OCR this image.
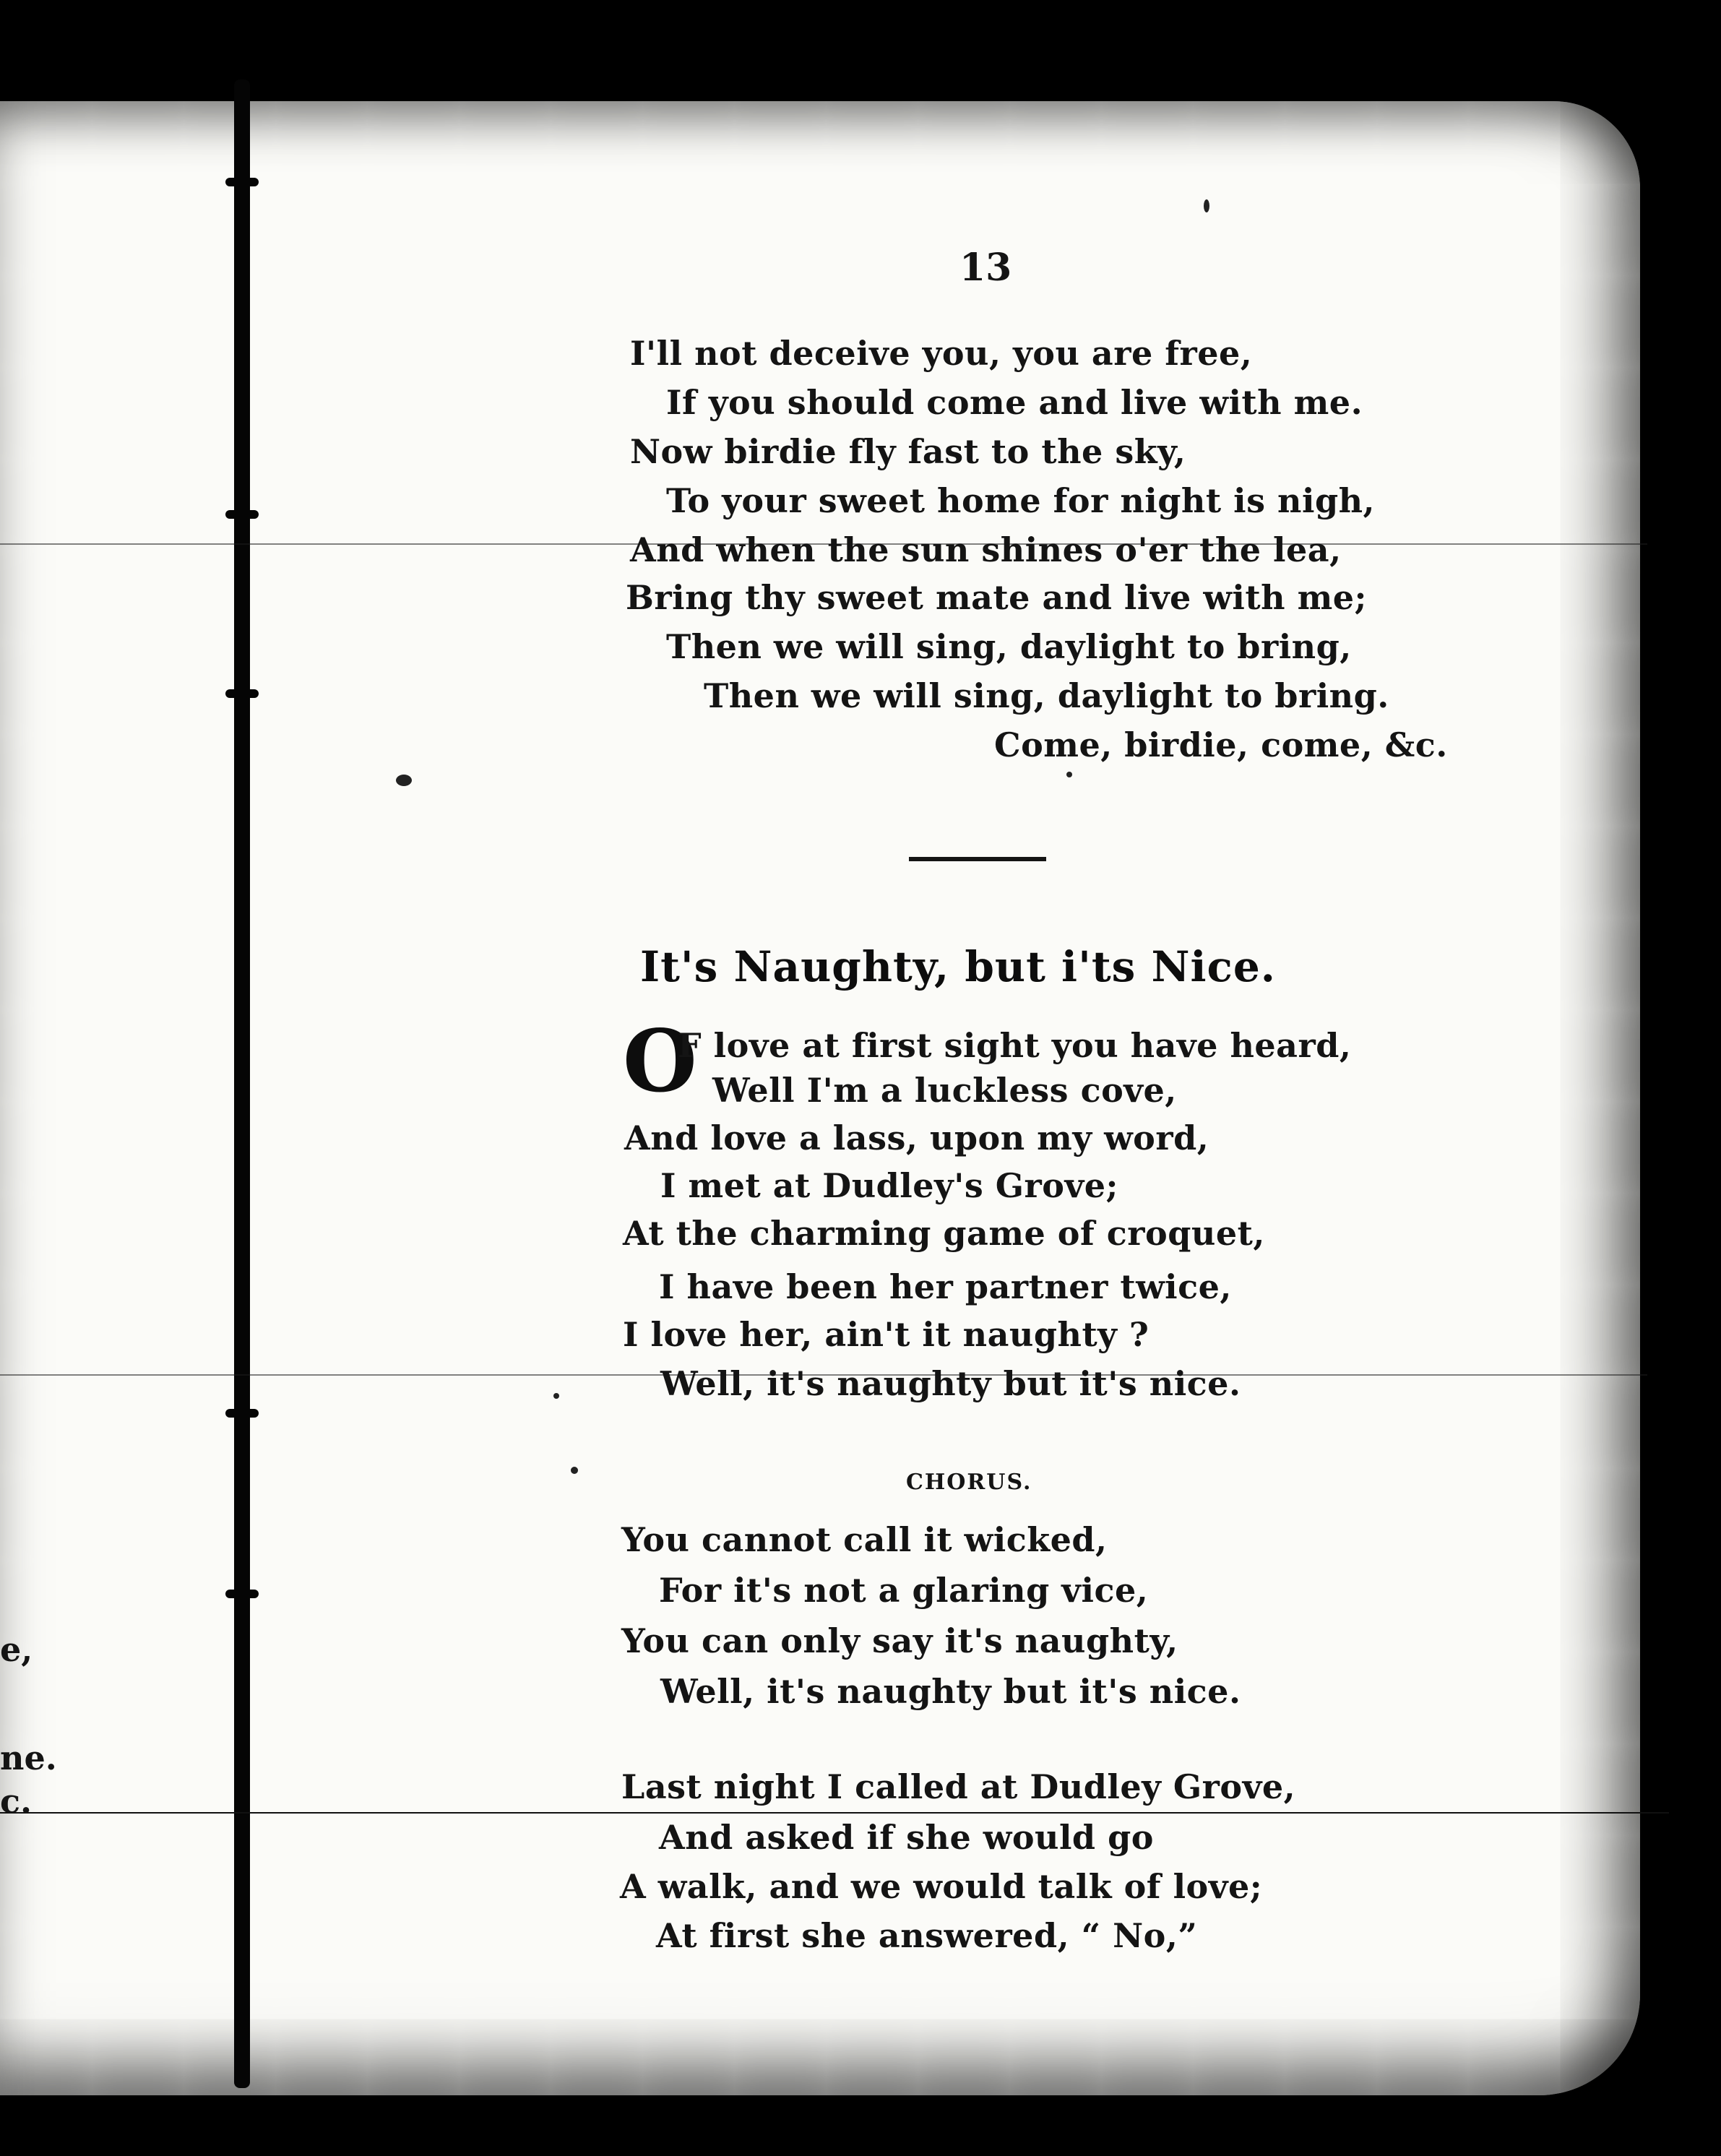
e,
ne.
c.
13
I'll not deceive you, you are free,
If you should come and live with me.
Now birdie fly fast to the sky,
To your sweet home for night is nigh,
And when the sun shines o'er the lea,
Bring thy sweet mate and live with me;
Then we will sing, daylight to bring,
Then we will sing, daylight to bring.
Come, birdie, come, &c.
It's Naughty, but i'ts Nice.
O
F love at first sight you have heard,
Well I'm a luckless cove,
And love a lass, upon my word,
I met at Dudley's Grove;
At the charming game of croquet,
I have been her partner twice,
I love her, ain't it naughty ?
Well, it's naughty but it's nice.
CHORUS.
You cannot call it wicked,
For it's not a glaring vice,
You can only say it's naughty,
Well, it's naughty but it's nice.
Last night I called at Dudley Grove,
And asked if she would go
A walk, and we would talk of love;
At first she answered, “ No,”
